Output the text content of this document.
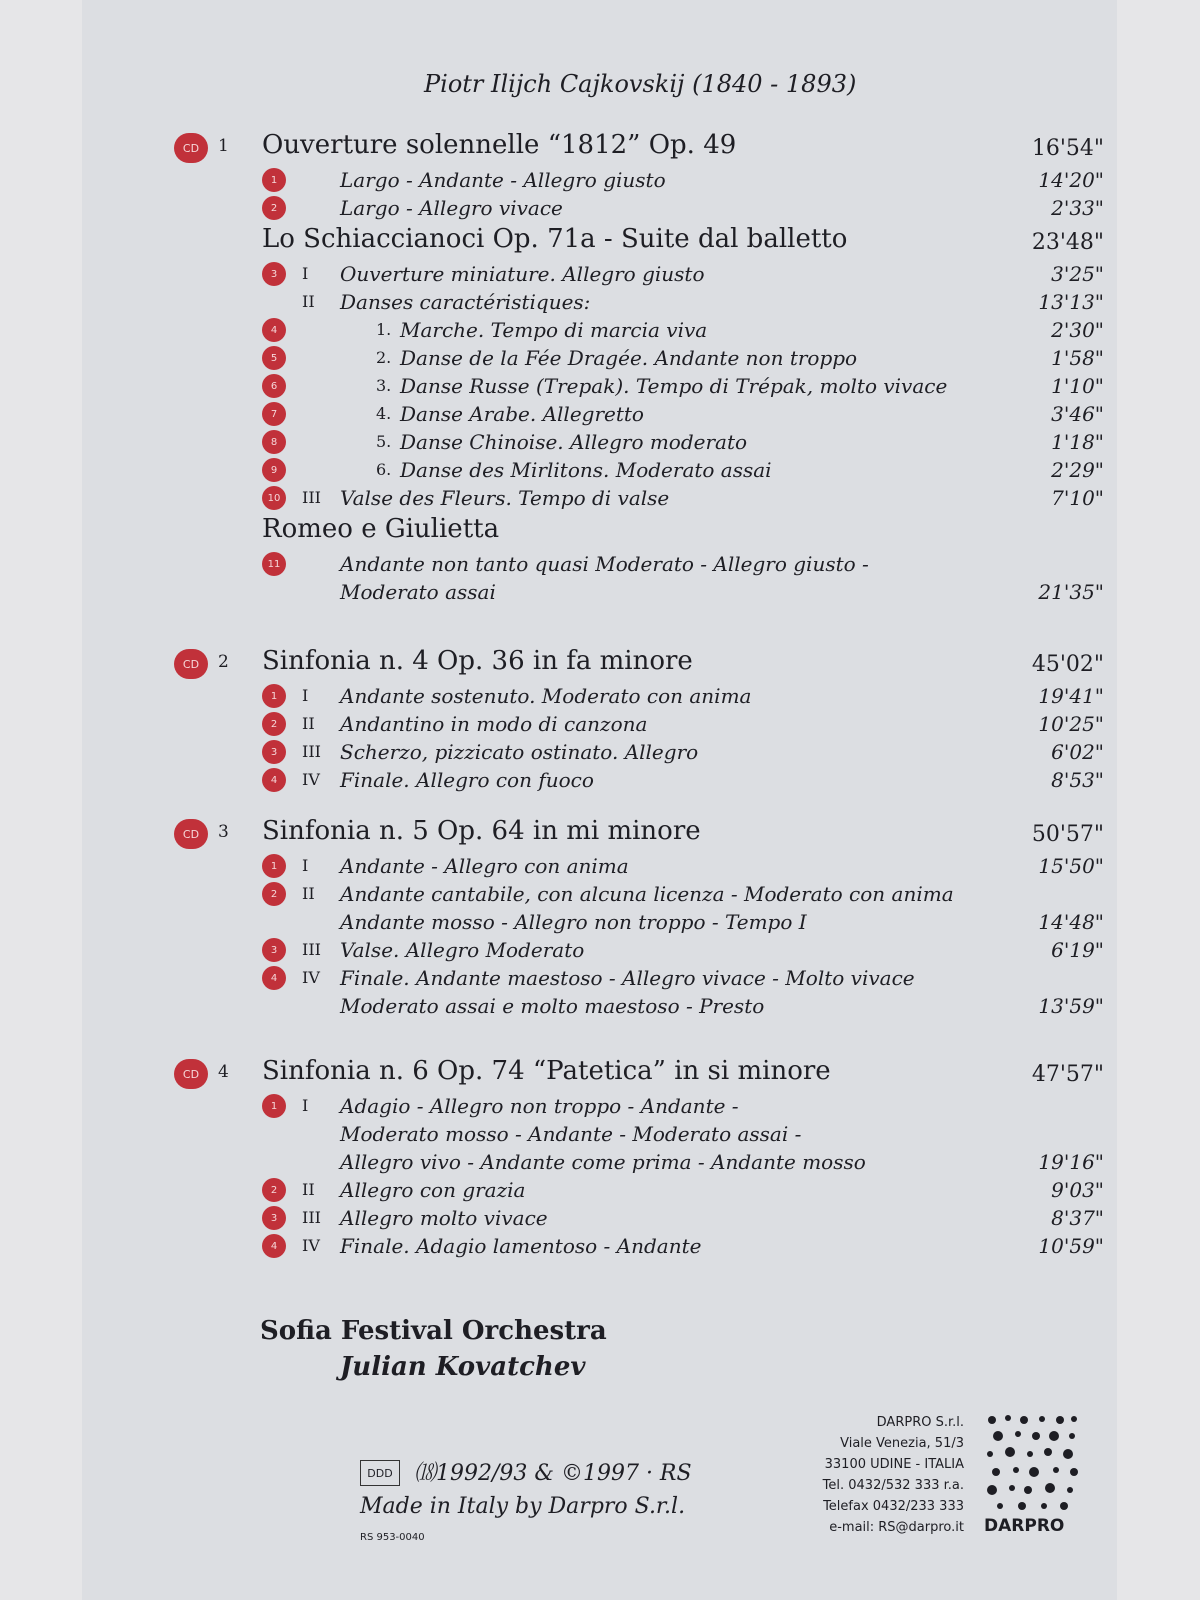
Piotr Ilijch Cajkovskij (1840 - 1893)
CD	1 Ouverture solennelle “1812” Op. 49	16'54"
1	Largo - Andante - Allegro giusto	14'20"
2	Largo - Allegro vivace	2'33"
Lo Schiaccianoci Op. 71a - Suite dal balletto	23'48"
3	I Ouverture miniature. Allegro giusto	3'25"
II Danses caractéristiques:	13'13"
4	1. Marche. Tempo di marcia viva	2'30"
5	2. Danse de la Fée Dragée. Andante non troppo	1'58"
6	3. Danse Russe (Trepak). Tempo di Trépak, molto vivace	1'10"
7	4. Danse Arabe. Allegretto	3'46"
8	5. Danse Chinoise. Allegro moderato	1'18"
9	6. Danse des Mirlitons. Moderato assai	2'29"
10	III Valse des Fleurs. Tempo di valse	7'10"
Romeo e Giulietta
11	Andante non tanto quasi Moderato - Allegro giusto -
Moderato assai	21'35"
CD	2 Sinfonia n. 4 Op. 36 in fa minore	45'02"
1	I Andante sostenuto. Moderato con anima	19'41"
2	II Andantino in modo di canzona	10'25"
3	III Scherzo, pizzicato ostinato. Allegro	6'02"
4	IV Finale. Allegro con fuoco	8'53"
CD	3 Sinfonia n. 5 Op. 64 in mi minore	50'57"
1	I Andante - Allegro con anima	15'50"
2	II Andante cantabile, con alcuna licenza - Moderato con anima
Andante mosso - Allegro non troppo - Tempo I	14'48"
3	III Valse. Allegro Moderato	6'19"
4	IV Finale. Andante maestoso - Allegro vivace - Molto vivace
Moderato assai e molto maestoso - Presto	13'59"
CD	4 Sinfonia n. 6 Op. 74 “Patetica” in si minore	47'57"
1	I Adagio - Allegro non troppo - Andante -
Moderato mosso - Andante - Moderato assai -
Allegro vivo - Andante come prima - Andante mosso	19'16"
2	II Allegro con grazia	9'03"
3	III Allegro molto vivace	8'37"
4	IV Finale. Adagio lamentoso - Andante	10'59"
Sofia Festival Orchestra
Julian Kovatchev
DDD ⒅1992/93 & ©1997 · RS
Made in Italy by Darpro S.r.l.
RS 953-0040
DARPRO S.r.l.
Viale Venezia, 51/3
33100 UDINE - ITALIA
Tel. 0432/532 333 r.a.
Telefax 0432/233 333
e-mail: RS@darpro.it DARPRO
